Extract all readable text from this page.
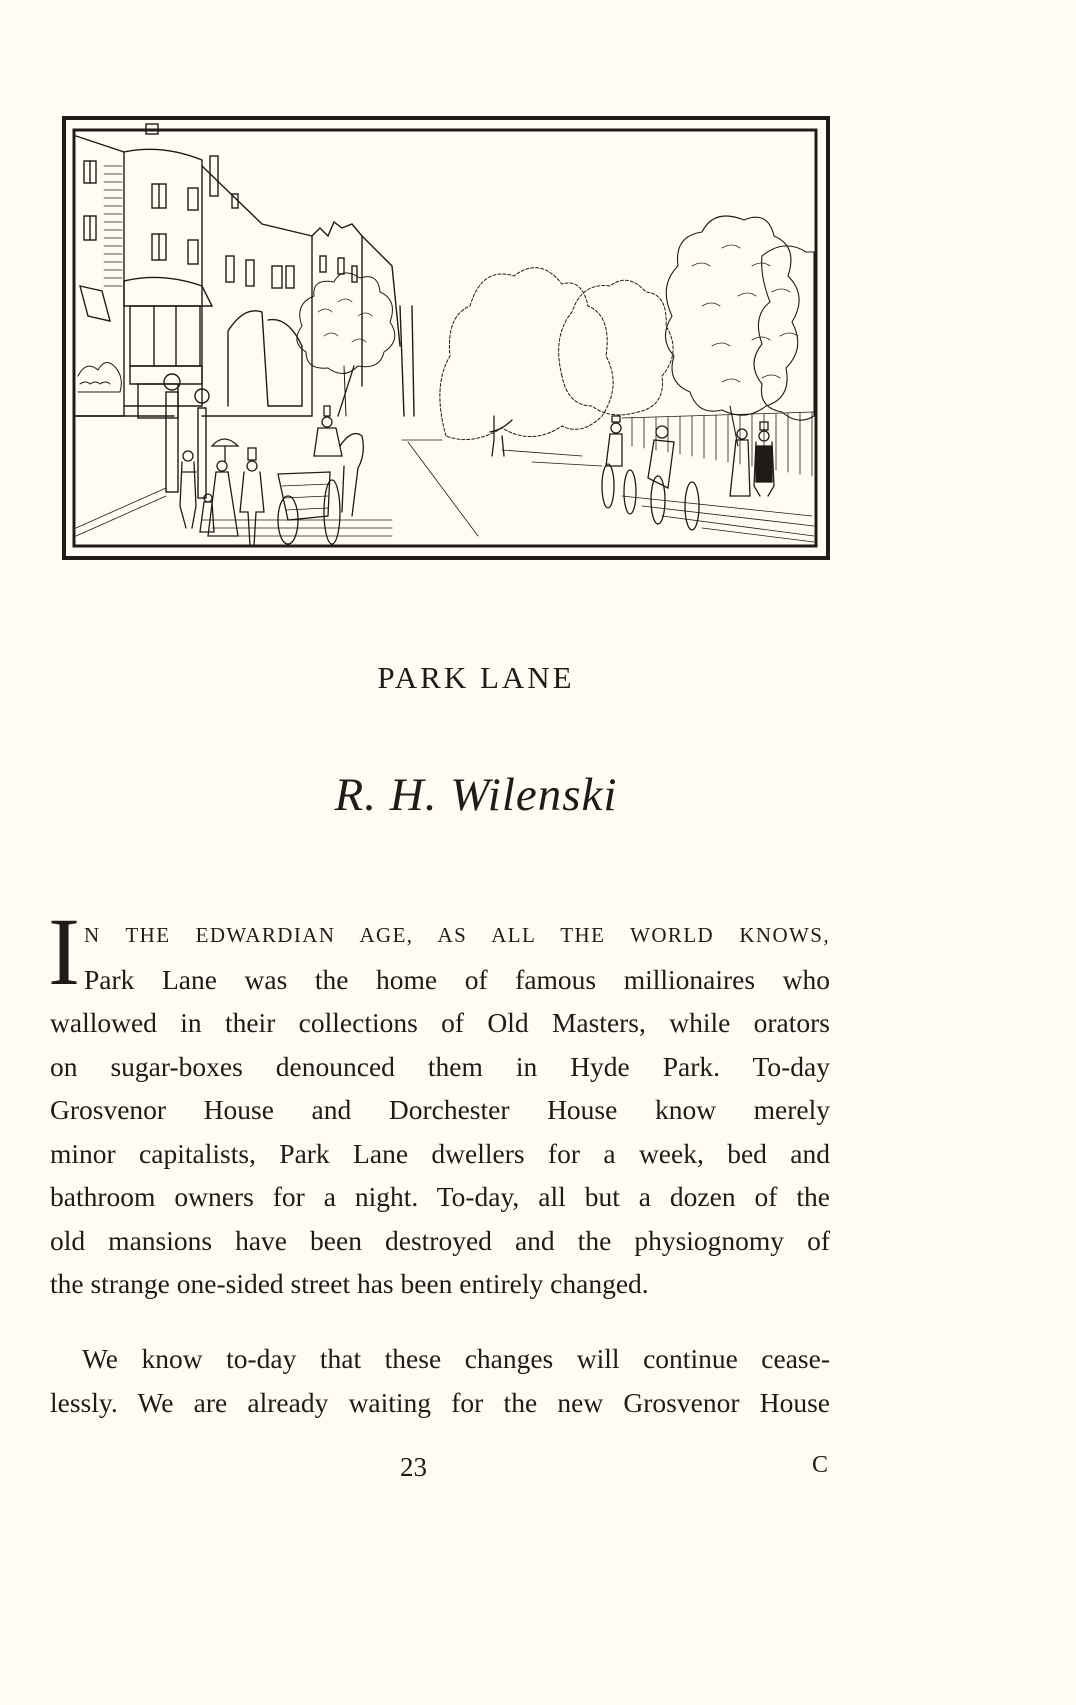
PARK LANE
R. H. Wilenski
I N THE EDWARDIAN AGE, AS ALL THE WORLD KNOWS,
Park Lane was the home of famous millionaires who
wallowed in their collections of Old Masters, while orators
on sugar-boxes denounced them in Hyde Park. To-day
Grosvenor House and Dorchester House know merely
minor capitalists, Park Lane dwellers for a week, bed and
bathroom owners for a night. To-day, all but a dozen of the
old mansions have been destroyed and the physiognomy of
the strange one-sided street has been entirely changed.
We know to-day that these changes will continue cease-
lessly. We are already waiting for the new Grosvenor House
23	C
